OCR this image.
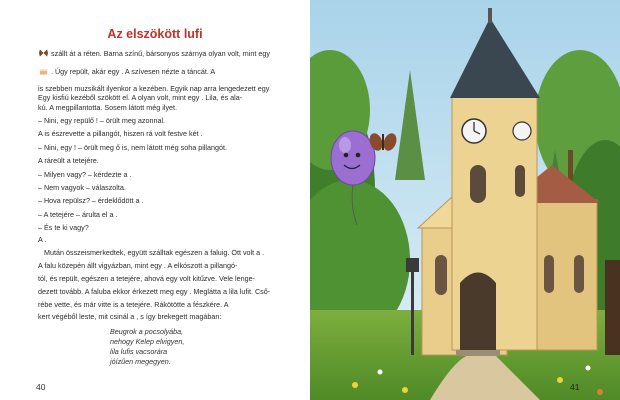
Az elszökött lufi
szállt át a réten. Barna színű, bársonyos szárnya olyan volt, mint egy
. Úgy repült, akár egy . A szívesen nézte a táncát. A
is szebben muzsikált ilyenkor a kezében. Egyik nap arra lengedezett egy
Egy kisfiú kezéből szökött el. A olyan volt, mint egy . Lila, és ala-
kú. A megpillantotta. Sosem látott még ilyet.
– Nini, egy repülő ! – örült meg azonnal.
A is észrevette a pillangót, hiszen rá volt festve két .
– Nini, egy ! – örült meg ő is, nem látott még soha pillangót.
A ráreült a tetejére.
– Milyen vagy? – kérdezte a .
– Nem vagyok – válaszolta.
– Hova repülsz? – érdeklődött a .
– A tetejére – árulta el a .
– És te ki vagy?
A .
Mután összeismerkedtek, együtt szálltak egészen a faluig. Ott volt a .
A falu közepén állt vigyázban, mint egy . A elkószott a pillangó-
tól, és repült, egészen a tetejére, ahová egy volt kitűzve. Vele lenge-
dezett tovább. A faluba ekkor érkezett meg egy . Meglátta a lila lufit. Cső-
rébe vette, és már vitte is a tetejére. Rákötötte a fészkére. A
kert végéből leste, mit csinál a , s így brekegett magában:
Beugrok a pocsolyába,
nehogy Kelep elvigyen,
lila lufis vacsorára
jóízűen megegyen.
40	41
